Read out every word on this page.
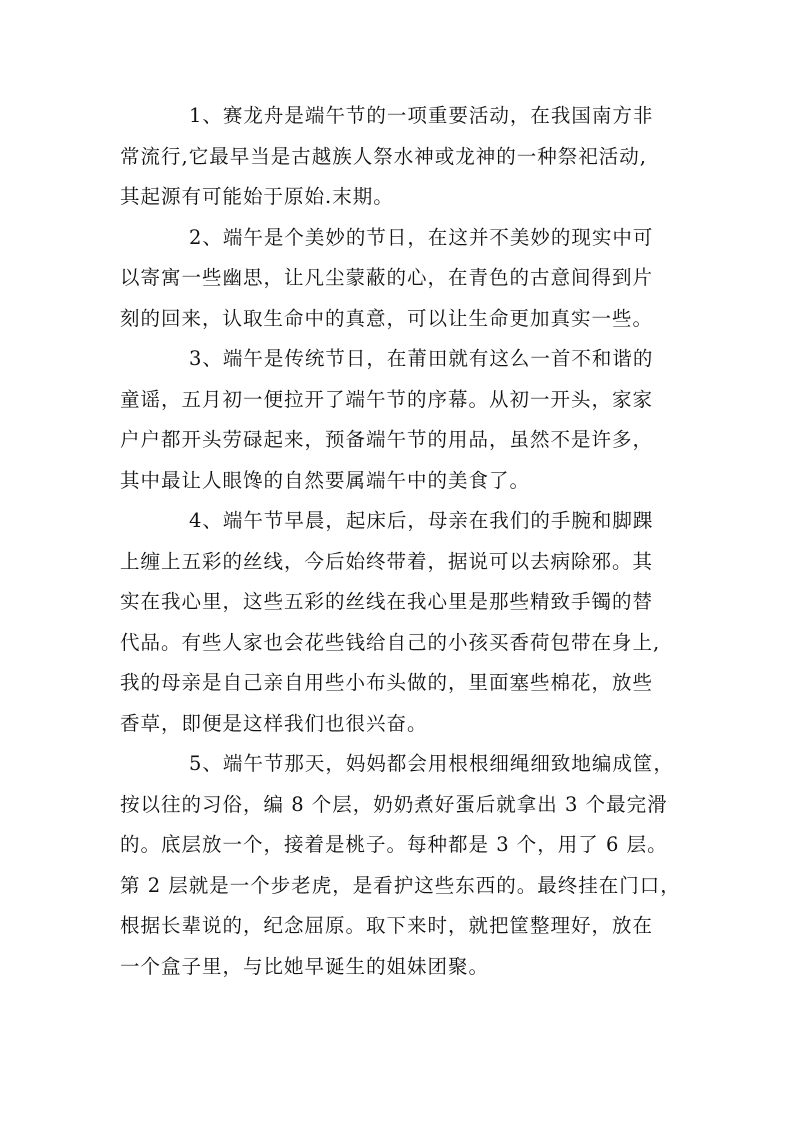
1、赛龙舟是端午节的一项重要活动，在我国南方非
常流行,它最早当是古越族人祭水神或龙神的一种祭祀活动,
其起源有可能始于原始.末期。
2、端午是个美妙的节日，在这并不美妙的现实中可
以寄寓一些幽思，让凡尘蒙蔽的心，在青色的古意间得到片
刻的回来，认取生命中的真意，可以让生命更加真实一些。
3、端午是传统节日，在莆田就有这么一首不和谐的
童谣，五月初一便拉开了端午节的序幕。从初一开头，家家
户户都开头劳碌起来，预备端午节的用品，虽然不是许多，
其中最让人眼馋的自然要属端午中的美食了。
4、端午节早晨，起床后，母亲在我们的手腕和脚踝
上缠上五彩的丝线，今后始终带着，据说可以去病除邪。其
实在我心里，这些五彩的丝线在我心里是那些精致手镯的替
代品。有些人家也会花些钱给自己的小孩买香荷包带在身上,
我的母亲是自己亲自用些小布头做的，里面塞些棉花，放些
香草，即便是这样我们也很兴奋。
5、端午节那天，妈妈都会用根根细绳细致地编成筐，
按以往的习俗，编 8 个层，奶奶煮好蛋后就拿出 3 个最完滑
的。底层放一个，接着是桃子。每种都是 3 个，用了 6 层。
第 2 层就是一个步老虎，是看护这些东西的。最终挂在门口，
根据长辈说的，纪念屈原。取下来时，就把筐整理好，放在
一个盒子里，与比她早诞生的姐妹团聚。
